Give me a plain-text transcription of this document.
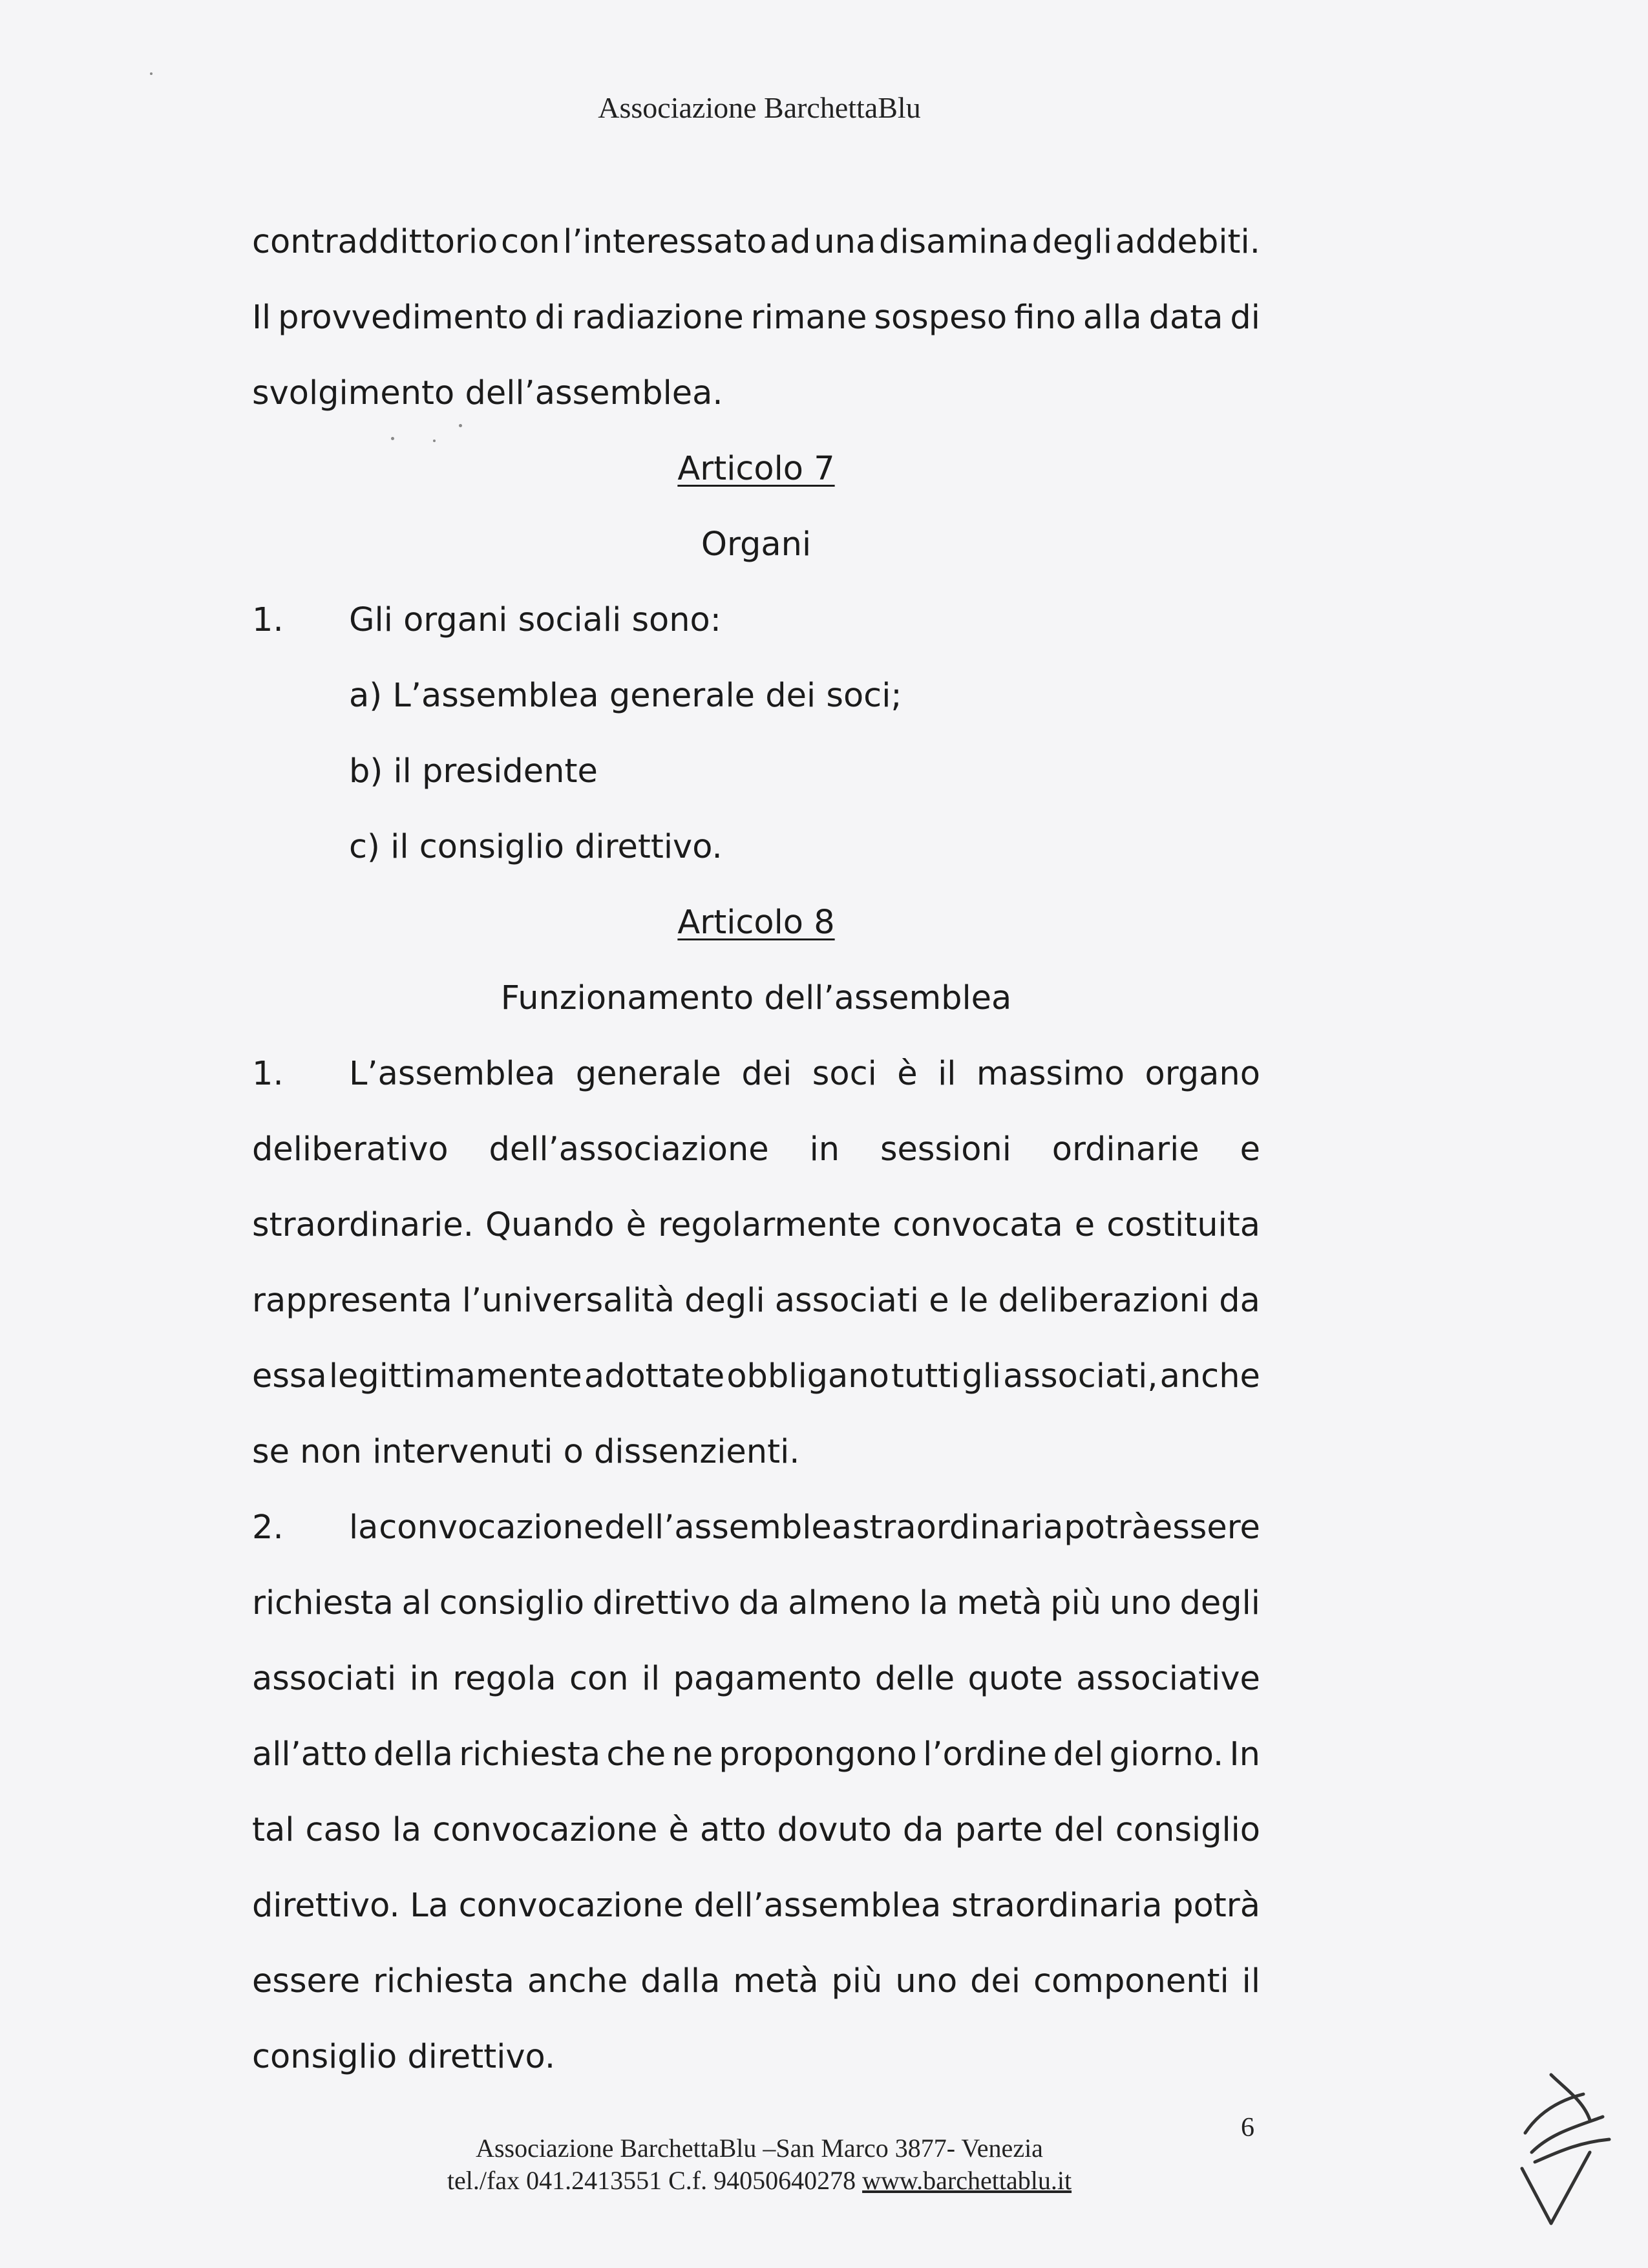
Associazione BarchettaBlu
contraddittorio con l’interessato ad una disamina degli addebiti.
Il provvedimento di radiazione rimane sospeso fino alla data di
svolgimento dell’assemblea.
Articolo 7
Organi
1. Gli organi sociali sono:
a) L’assemblea generale dei soci;
b) il presidente
c) il consiglio direttivo.
Articolo 8
Funzionamento dell’assemblea
1.	L’assemblea generale dei soci è il massimo organo
deliberativo dell’associazione in sessioni ordinarie e
straordinarie. Quando è regolarmente convocata e costituita
rappresenta l’universalità degli associati e le deliberazioni da
essa legittimamente adottate obbligano tutti gli associati, anche
se non intervenuti o dissenzienti.
2.	la convocazione dell’assemblea straordinaria potrà essere
richiesta al consiglio direttivo da almeno la metà più uno degli
associati in regola con il pagamento delle quote associative
all’atto della richiesta che ne propongono l’ordine del giorno. In
tal caso la convocazione è atto dovuto da parte del consiglio
direttivo. La convocazione dell’assemblea straordinaria potrà
essere richiesta anche dalla metà più uno dei componenti il
consiglio direttivo.
6
Associazione BarchettaBlu –San Marco 3877- Venezia
tel./fax 041.2413551 C.f. 94050640278 www.barchettablu.it
